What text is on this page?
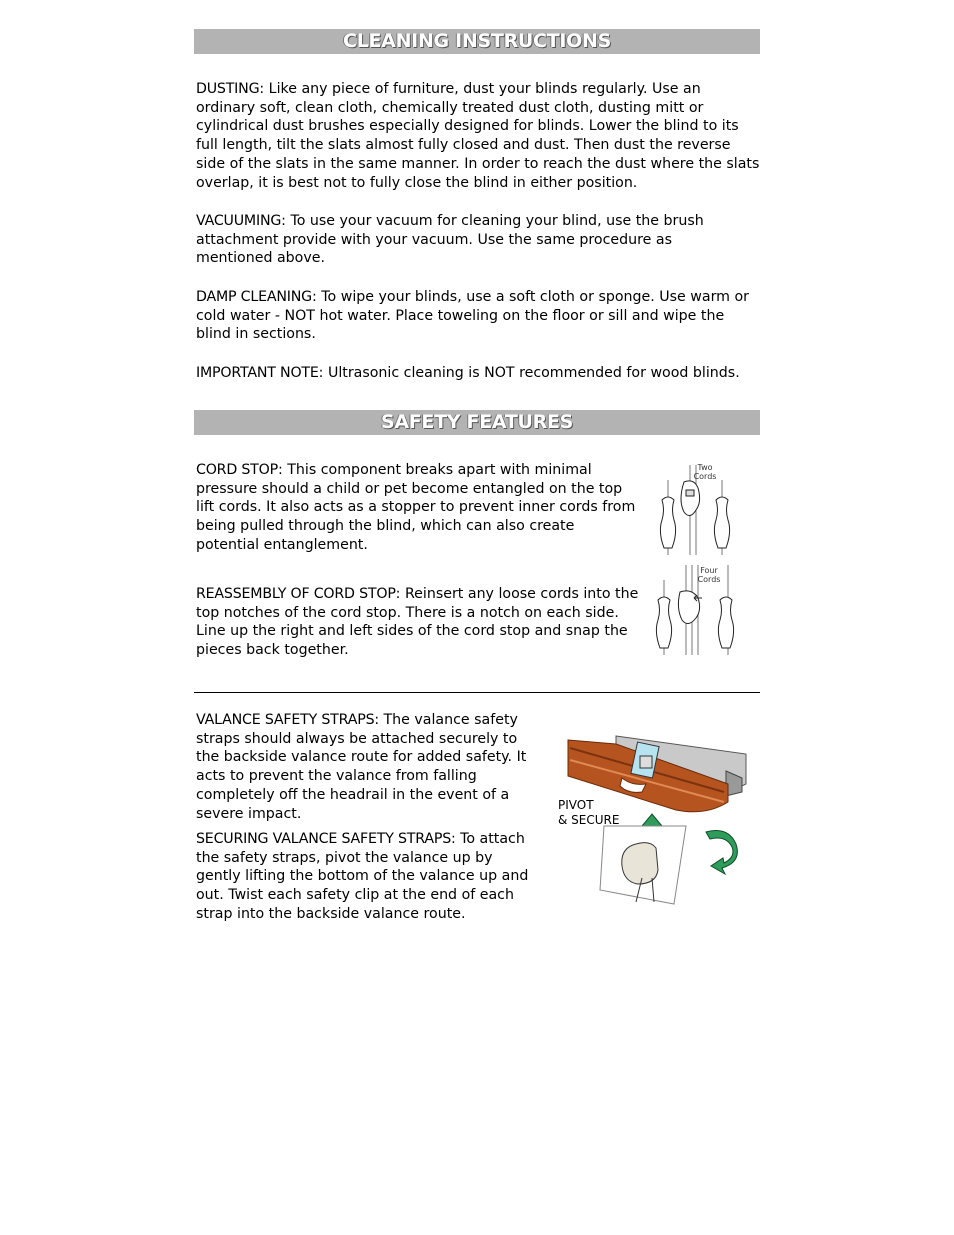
CLEANING INSTRUCTIONS
DUSTING: Like any piece of furniture, dust your blinds regularly. Use an ordinary soft, clean cloth, chemically treated dust cloth, dusting mitt or cylindrical dust brushes especially designed for blinds. Lower the blind to its full length, tilt the slats almost fully closed and dust. Then dust the reverse side of the slats in the same manner. In order to reach the dust where the slats overlap, it is best not to fully close the blind in either position.
VACUUMING: To use your vacuum for cleaning your blind, use the brush attachment provide with your vacuum. Use the same procedure as mentioned above.
DAMP CLEANING: To wipe your blinds, use a soft cloth or sponge. Use warm or cold water - NOT hot water. Place toweling on the floor or sill and wipe the blind in sections.
IMPORTANT NOTE: Ultrasonic cleaning is NOT recommended for wood blinds.
SAFETY FEATURES
CORD STOP: This component breaks apart with minimal pressure should a child or pet become entangled on the top lift cords. It also acts as a stopper to prevent inner cords from being pulled through the blind, which can also create potential entanglement.
REASSEMBLY OF CORD STOP: Reinsert any loose cords into the top notches of the cord stop. There is a notch on each side. Line up the right and left sides of the cord stop and snap the pieces back together.
Two
Cords
Four
Cords
VALANCE SAFETY STRAPS: The valance safety straps should always be attached securely to the backside valance route for added safety. It acts to prevent the valance from falling completely off the headrail in the event of a severe impact.
SECURING VALANCE SAFETY STRAPS: To attach the safety straps, pivot the valance up by gently lifting the bottom of the valance up and out. Twist each safety clip at the end of each strap into the backside valance route.
PIVOT
& SECURE
